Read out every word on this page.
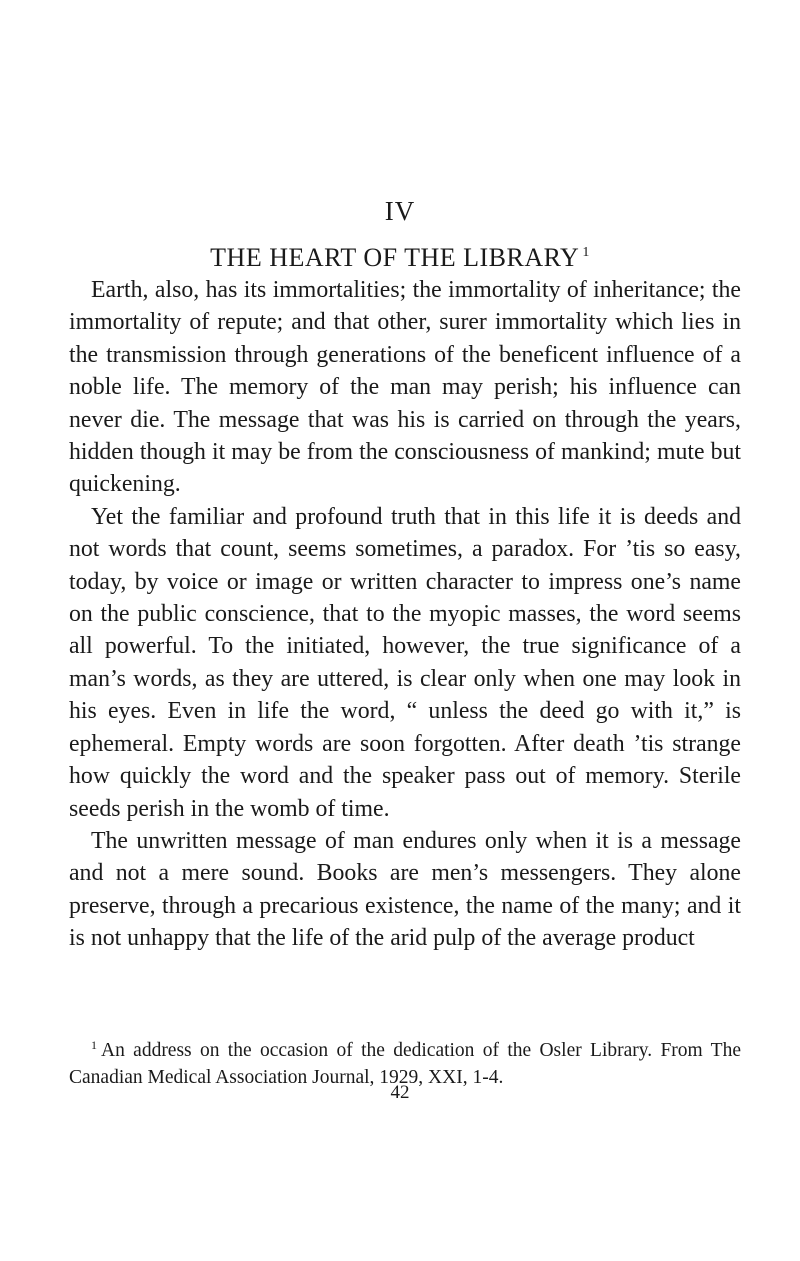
IV
THE HEART OF THE LIBRARY $^1$

Earth, also, has its immortalities; the immortality of inheritance; the immortality of repute; and that other, surer immortality which lies in the transmission through generations of the beneficent influence of a noble life. The memory of the man may perish; his influence can never die. The message that was his is carried on through the years, hidden though it may be from the consciousness of mankind; mute but quickening.

Yet the familiar and profound truth that in this life it is deeds and not words that count, seems sometimes, a paradox. For ’tis so easy, today, by voice or image or written character to impress one’s name on the public conscience, that to the myopic masses, the word seems all powerful. To the initiated, however, the true significance of a man’s words, as they are uttered, is clear only when one may look in his eyes. Even in life the word, “ unless the deed go with it,” is ephemeral. Empty words are soon forgotten. After death ’tis strange how quickly the word and the speaker pass out of memory. Sterile seeds perish in the womb of time.

The unwritten message of man endures only when it is a message and not a mere sound. Books are men’s messengers. They alone preserve, through a precarious existence, the name of the many; and it is not unhappy that the life of the arid pulp of the average product

$^1$ An address on the occasion of the dedication of the Osler Library. From The Canadian Medical Association Journal, 1929, XXI, 1-4.

42
